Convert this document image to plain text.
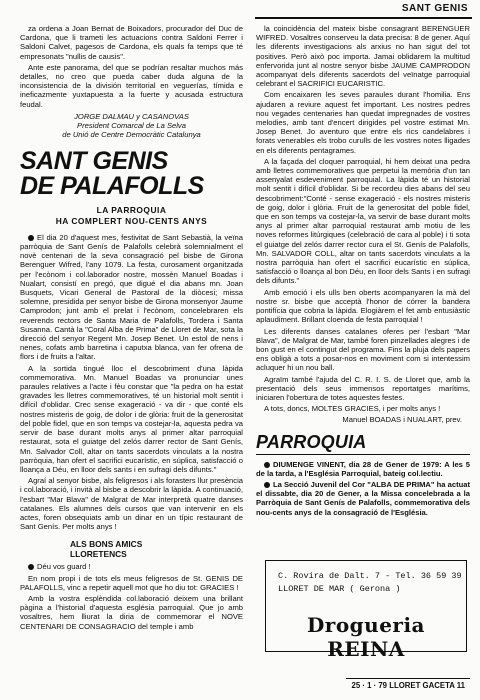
SANT GENIS

za ordena a Joan Bernat de Boixadors, procurador del Duc de Cardona, que li trameti les actuacions contra Saldoni Ferrer i Saldoni Calvet, pagesos de Cardona, els quals fa temps que té empresonats "nullis de causis".

Ante este panorama, del que se podrían resaltar muchos más detalles, no creo que pueda caber duda alguna de la inconsistencia de la división territorial en veguerías, tímida e ineficazmente yuxtapuesta a la fuerte y acusada estructura feudal.

JORGE DALMAU y CASANOVAS
President Comarcal de La Selva
de Unió de Centre Democràtic Catalunya
SANT GENIS
DE PALAFOLLS
LA PARROQUIA
HA COMPLERT NOU-CENTS ANYS

El dia 20 d'aquest mes, festivitat de Sant Sebastià, la veïna parròquia de Sant Genís de Palafolls celebrà solemnialment el novè centenari de la seva consagració pel bisbe de Girona Berenguer Wifred, l'any 1079. La festa, curosament organitzada per l'ecònom i col.laborador nostre, mossèn Manuel Boadas i Nualart, consistí en pregó, que digué el dia abans mn. Joan Busquets, Vicari General de Pastoral de la diòcesi; missa solemne, presidida per senyor bisbe de Girona monsenyor Jaume Camprodon; junt amb el prelat i l'ecònom, concelebraren els reverends rectors de Santa Maria de Palafolls, Tordera i Santa Susanna. Cantà la "Coral Alba de Prima" de Lloret de Mar, sota la direcció del senyor Regent Mn. Josep Benet. Un estol de nens i nenes, cofats amb barretina i caputxa blanca, van fer ofrena de flors i de fruits a l'altar.

A la sortida tingué lloc el descobriment d'una làpida commemorativa. Mn. Manuel Boadas va pronunciar unes paraules relatives a l'acte i fèu constar que "la pedra on ha estat gravades les lletres commemoratives, té un historial molt sentit i difícil d'oblidar. Crec sense exageració - va dir - que conté els nostres misteris de goig, de dolor i de glòria: fruit de la generositat del poble fidel, que en son temps va costejar-la, aquesta pedra va servir de base durant molts anys al primer altar parroquial restaurat, sota el guiatge del zelós darrer rector de Sant Genís, Mn. Salvador Coll, altar on tants sacerdots vinculats a la nostra parròquia, han ofert el sacrifici eucarístic, en súplica, satisfacció o lloança a Déu, en lloor dels sants i en sufragi dels difunts."

Agraí al senyor bisbe, als feligresos i als forasters llur presència i col.laboració, i invità al bisbe a descobrir la làpida. A continuació, l'esbart "Mar Blava" de Malgrat de Mar interpretà quatre danses catalanes. Els alumnes dels cursos que van intervenir en els actes, foren obsequiats amb un dinar en un típic restaurant de Sant Genís. Per molts anys !

ALS BONS AMICS
LLORETENCS

Déu vos guard !

En nom propi i de tots els meus feligresos de St. GENIS DE PALAFOLLS, vinc a repetir aquell mot que ho diu tot: GRACIES !

Amb la vostra esplèndida col.laboració deixem una brillant pàgina a l'historial d'aquesta església parroquial. Que jo amb vosaltres, hem lliurat la diria de commemorar el NOVE CENTENARI DE CONSAGRACIO del temple i amb

la coincidència del mateix bisbe consagrant BERENGUER WIFRED. Vosaltres conserveu la data precisa: 8 de gener. Aquí les diferents investigacions als arxius no han sigut del tot positives. Però això poc importa. Jamai oblidarem la multitud enfervorida junt al nostre senyor bisbe JAUME CAMPRODON acompanyat dels diferents sacerdots del veïnatge parroquial celebrant el SACRIFICI EUCARISTIC.

Com encaixaren les seves paraules durant l'homilia. Ens ajudaren a reviure aquest fet important. Les nostres pedres nou vegades centenaries han quedat impregnades de vostres melodies, amb tant d'encert dirigides pel vostre estimat Mn. Josep Benet. Jo aventuro que entre els rics candelabres i forats venerables els trobo curulls de les vostres notes lligades en els diferents pentagrames.

A la façada del cloquer parroquial, hi hem deixat una pedra amb lletres commemoratives que perpetui la memòria d'un tan assenyalat esdeveniment parroquial. La làpida té un historial molt sentit i difícil d'oblidar. Si be recordeu dies abans del seu descobriment:"Conté - sense exageració - els nostres misteris de goig, dolor i glòria. Fruit de la generositat del poble fidel, que en son temps va costejar-la, va servir de base durant molts anys al primer altar parroquial restaurat amb motiu de les noves reformes litúrgiques (celebració de cara al poble) i ti sota el guiatge del zelós darrer rector cura el St. Genís de Palafolls, Mn. SALVADOR COLL, altar on tants sacerdots vinculats a la nostra parròquia han ofert el sacrifici eucarístic en súplica, satisfacció o lloança al bon Déu, en lloor dels Sants i en sufragi dels difunts."

Amb emoció i els ulls ben oberts acompanyaren la mà del nostre sr. bisbe que acceptà l'honor de córrer la bandera pontifícia que cobria la làpida. Elogiàrem el fet amb entusiàstic aplaudiment. Brillant cloenda de festa parroquial !

Les diferents danses catalanes oferes per l'esbart "Mar Blava", de Malgrat de Mar, també foren pinzellades alegres i de bon gust en el contingut del programa. Fins la pluja dels papers ens obligà a tots a posar-nos en moviment com si intentessim acluquer hi un nou ball.

Agraïm també l'ajuda del C. R. I. S. de Lloret que, amb la presentació dels seus immensos reportatges marítims, iniciaren l'obertura de totes aquestes festes.

A tots, doncs, MOLTES GRACIES, i per molts anys !

Manuel BOADAS i NUALART, prev.
PARROQUIA

DIUMENGE VINENT, dia 28 de Gener de 1979: A les 5 de la tarda, a l'Església Parroquial, bateig col.lectiu.

La Secció Juvenil del Cor "ALBA DE PRIMA" ha actuat el dissabte, dia 20 de Gener, a la Missa concelebrada a la Parròquia de Sant Genís de Palafolls, commemorativa dels nou-cents anys de la consagració de l'Església.

C. Rovira de Dalt. 7 - Tel. 36 59 39
LLORET DE MAR ( Gerona )
Drogueria REINA
25 · 1 · 79 LLORET GACETA 11
